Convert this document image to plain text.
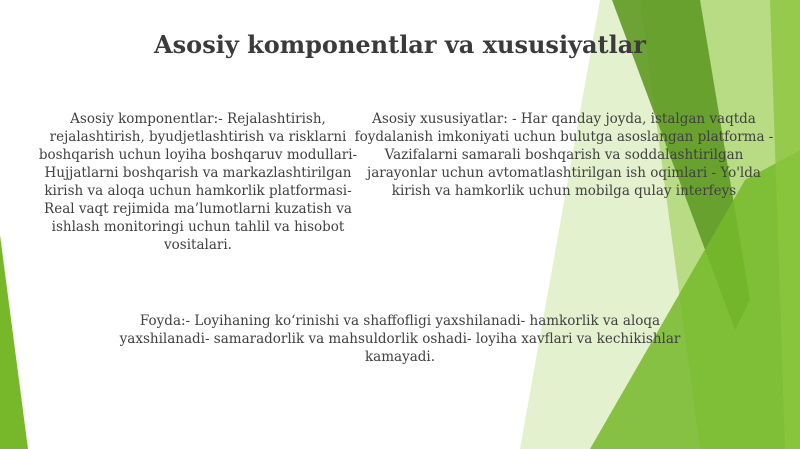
Asosiy komponentlar va xususiyatlar

Asosiy komponentlar:- Rejalashtirish, rejalashtirish, byudjetlashtirish va risklarni boshqarish uchun loyiha boshqaruv modullari- Hujjatlarni boshqarish va markazlashtirilgan kirish va aloqa uchun hamkorlik platformasi- Real vaqt rejimida ma’lumotlarni kuzatish va ishlash monitoringi uchun tahlil va hisobot vositalari.

Asosiy xususiyatlar: - Har qanday joyda, istalgan vaqtda foydalanish imkoniyati uchun bulutga asoslangan platforma - Vazifalarni samarali boshqarish va soddalashtirilgan jarayonlar uchun avtomatlashtirilgan ish oqimlari - Yo'lda kirish va hamkorlik uchun mobilga qulay interfeys

Foyda:- Loyihaning koʻrinishi va shaffofligi yaxshilanadi- hamkorlik va aloqa yaxshilanadi- samaradorlik va mahsuldorlik oshadi- loyiha xavflari va kechikishlar kamayadi.
